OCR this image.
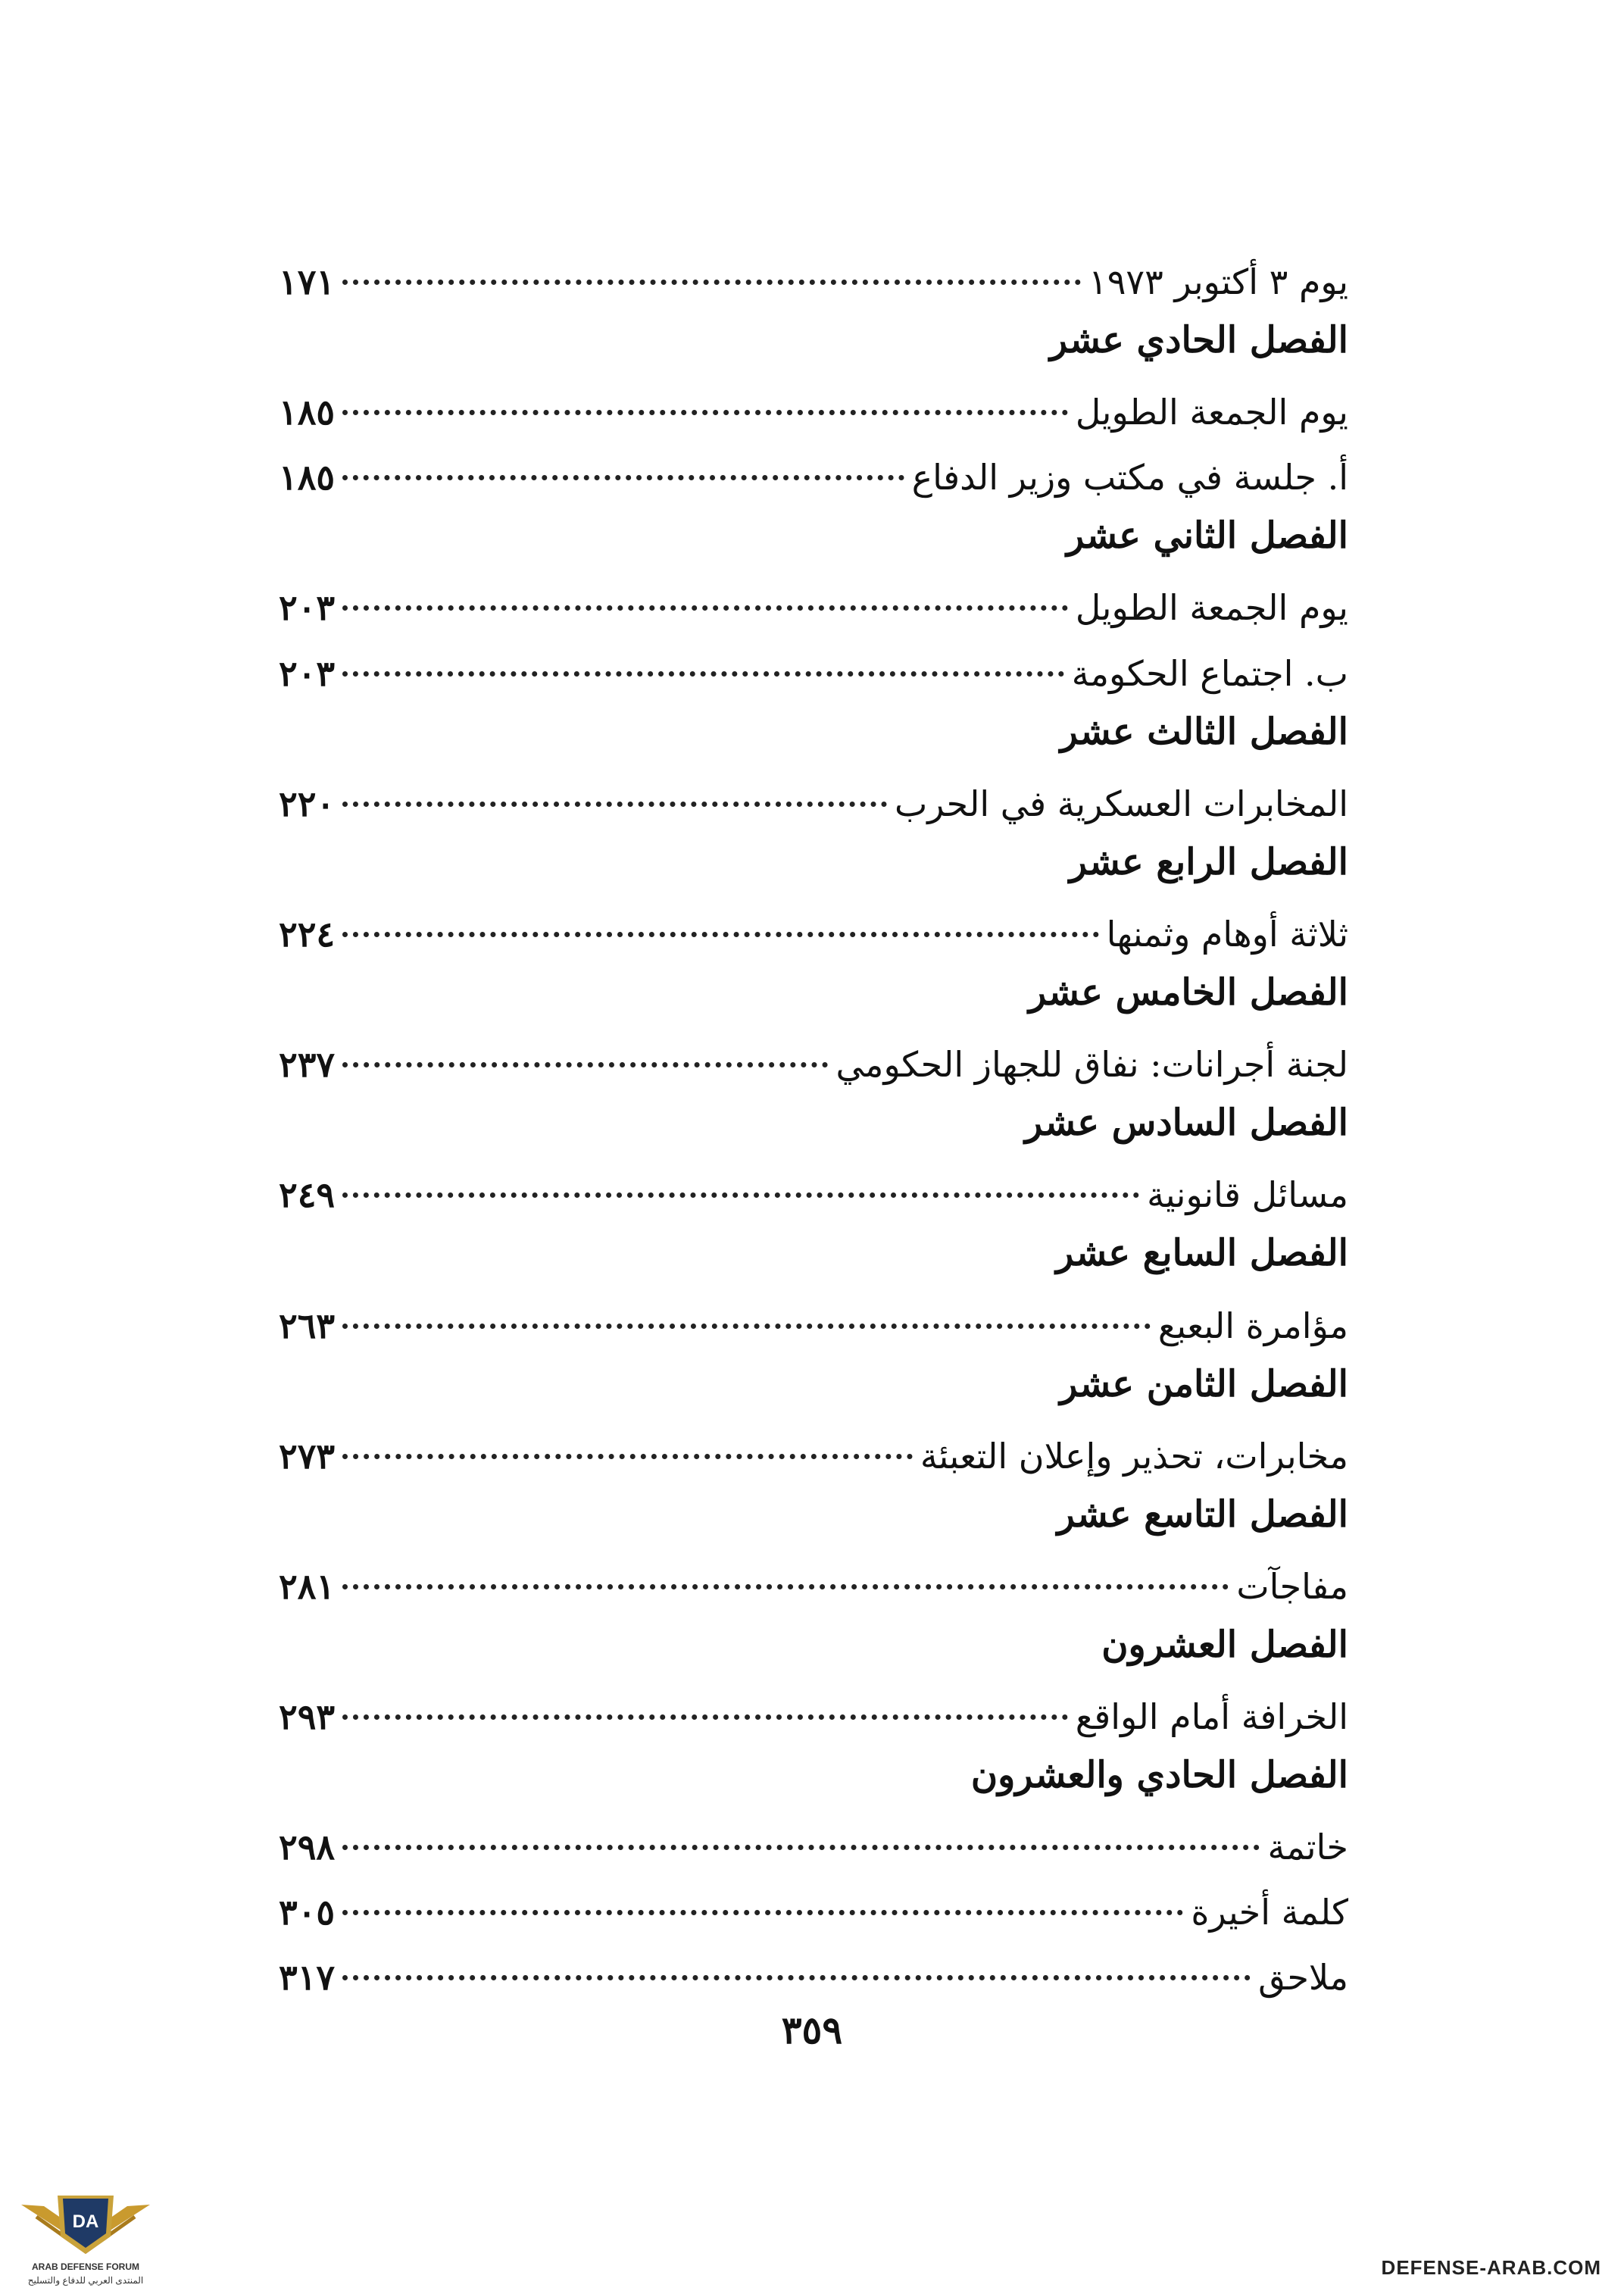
يوم ٣ أكتوبر ١٩٧٣
١٧١
الفصل الحادي عشر
يوم الجمعة الطويل
١٨٥
أ. جلسة في مكتب وزير الدفاع
١٨٥
الفصل الثاني عشر
يوم الجمعة الطويل
٢٠٣
ب. اجتماع الحكومة
٢٠٣
الفصل الثالث عشر
المخابرات العسكرية في الحرب
٢٢٠
الفصل الرابع عشر
ثلاثة أوهام وثمنها
٢٢٤
الفصل الخامس عشر
لجنة أجرانات: نفاق للجهاز الحكومي
٢٣٧
الفصل السادس عشر
مسائل قانونية
٢٤٩
الفصل السابع عشر
مؤامرة البعبع
٢٦٣
الفصل الثامن عشر
مخابرات، تحذير وإعلان التعبئة
٢٧٣
الفصل التاسع عشر
مفاجآت
٢٨١
الفصل العشرون
الخرافة أمام الواقع
٢٩٣
الفصل الحادي والعشرون
خاتمة
٢٩٨
كلمة أخيرة
٣٠٥
ملاحق
٣١٧
٣٥٩
DA
ARAB DEFENSE FORUM
المنتدى العربي للدفاع والتسليح
DEFENSE-ARAB.COM
